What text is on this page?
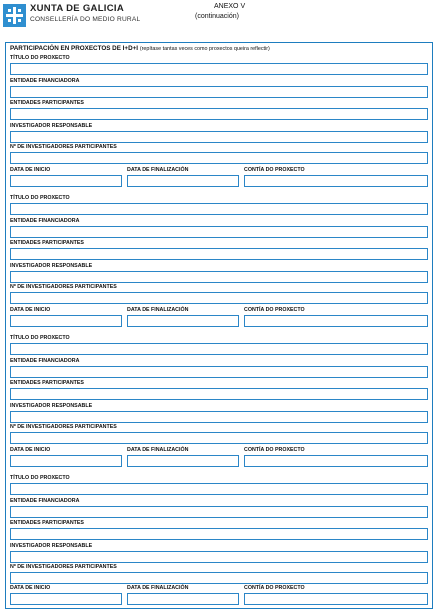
XUNTA DE GALICIA
CONSELLERÍA DO MEDIO RURAL
ANEXO V
(continuación)
PARTICIPACIÓN EN PROXECTOS DE I+D+I (repítase tantas veces como proxectos queira reflectir)
TÍTULO DO PROXECTO
ENTIDADE FINANCIADORA
ENTIDADES PARTICIPANTES
INVESTIGADOR RESPONSABLE
Nº DE INVESTIGADORES PARTICIPANTES
DATA DE INICIO	DATA DE FINALIZACIÓN	CONTÍA DO PROXECTO
TÍTULO DO PROXECTO
ENTIDADE FINANCIADORA
ENTIDADES PARTICIPANTES
INVESTIGADOR RESPONSABLE
Nº DE INVESTIGADORES PARTICIPANTES
DATA DE INICIO	DATA DE FINALIZACIÓN	CONTÍA DO PROXECTO
TÍTULO DO PROXECTO
ENTIDADE FINANCIADORA
ENTIDADES PARTICIPANTES
INVESTIGADOR RESPONSABLE
Nº DE INVESTIGADORES PARTICIPANTES
DATA DE INICIO	DATA DE FINALIZACIÓN	CONTÍA DO PROXECTO
TÍTULO DO PROXECTO
ENTIDADE FINANCIADORA
ENTIDADES PARTICIPANTES
INVESTIGADOR RESPONSABLE
Nº DE INVESTIGADORES PARTICIPANTES
DATA DE INICIO	DATA DE FINALIZACIÓN	CONTÍA DO PROXECTO
